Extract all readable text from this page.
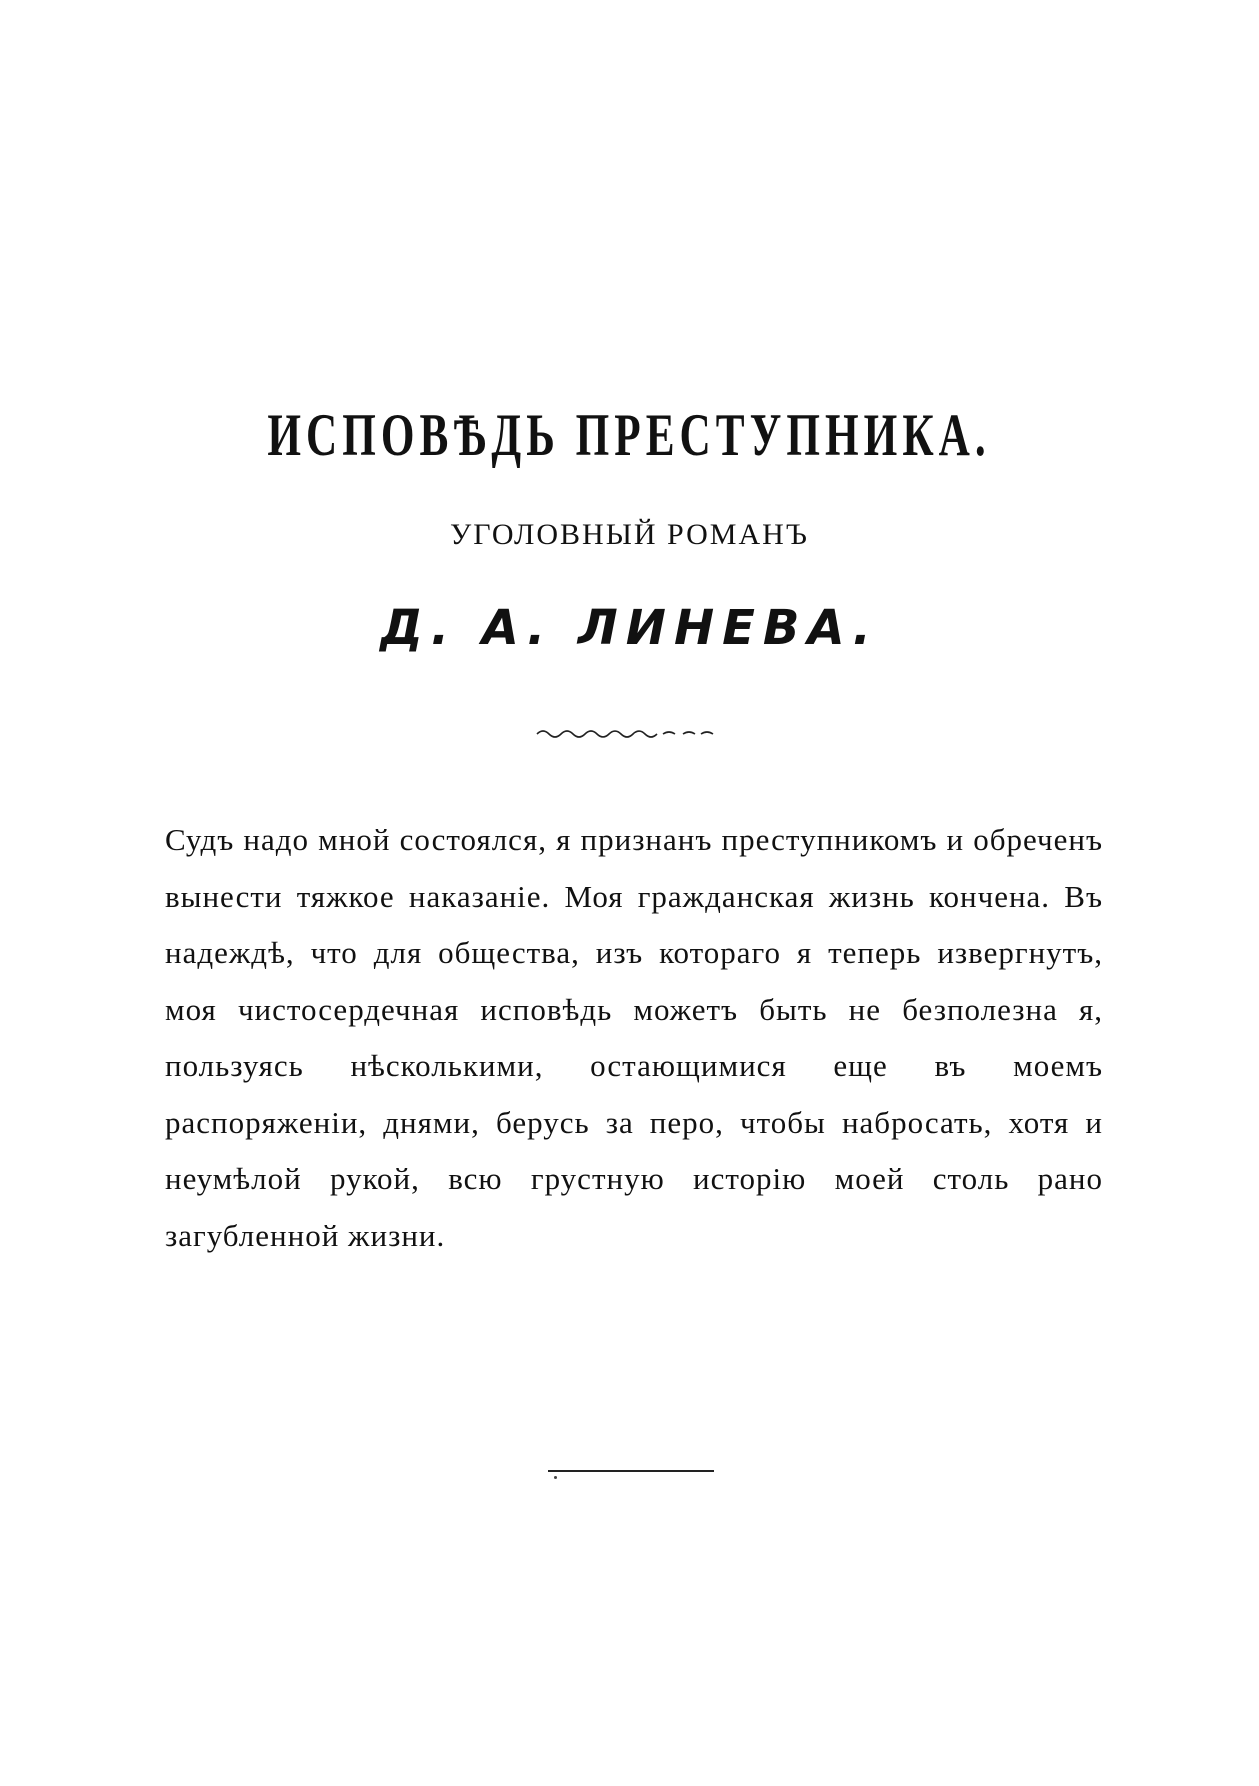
ИСПОВѢДЬ ПРЕСТУПНИКА.

УГОЛОВНЫЙ РОМАНЪ

Д. А. ЛИНЕВА.

Судъ надо мной состоялся, я признанъ преступникомъ и обреченъ вынести тяжкое наказаніе. Моя гражданская жизнь кончена. Въ надеждѣ, что для общества, изъ котораго я теперь извергнутъ, моя чистосердечная исповѣдь можетъ быть не безполезна я, пользуясь нѣсколькими, остающимися еще въ моемъ распоряженіи, днями, берусь за перо, чтобы набросать, хотя и неумѣлой рукой, всю грустную исторію моей столь рано загубленной жизни.
